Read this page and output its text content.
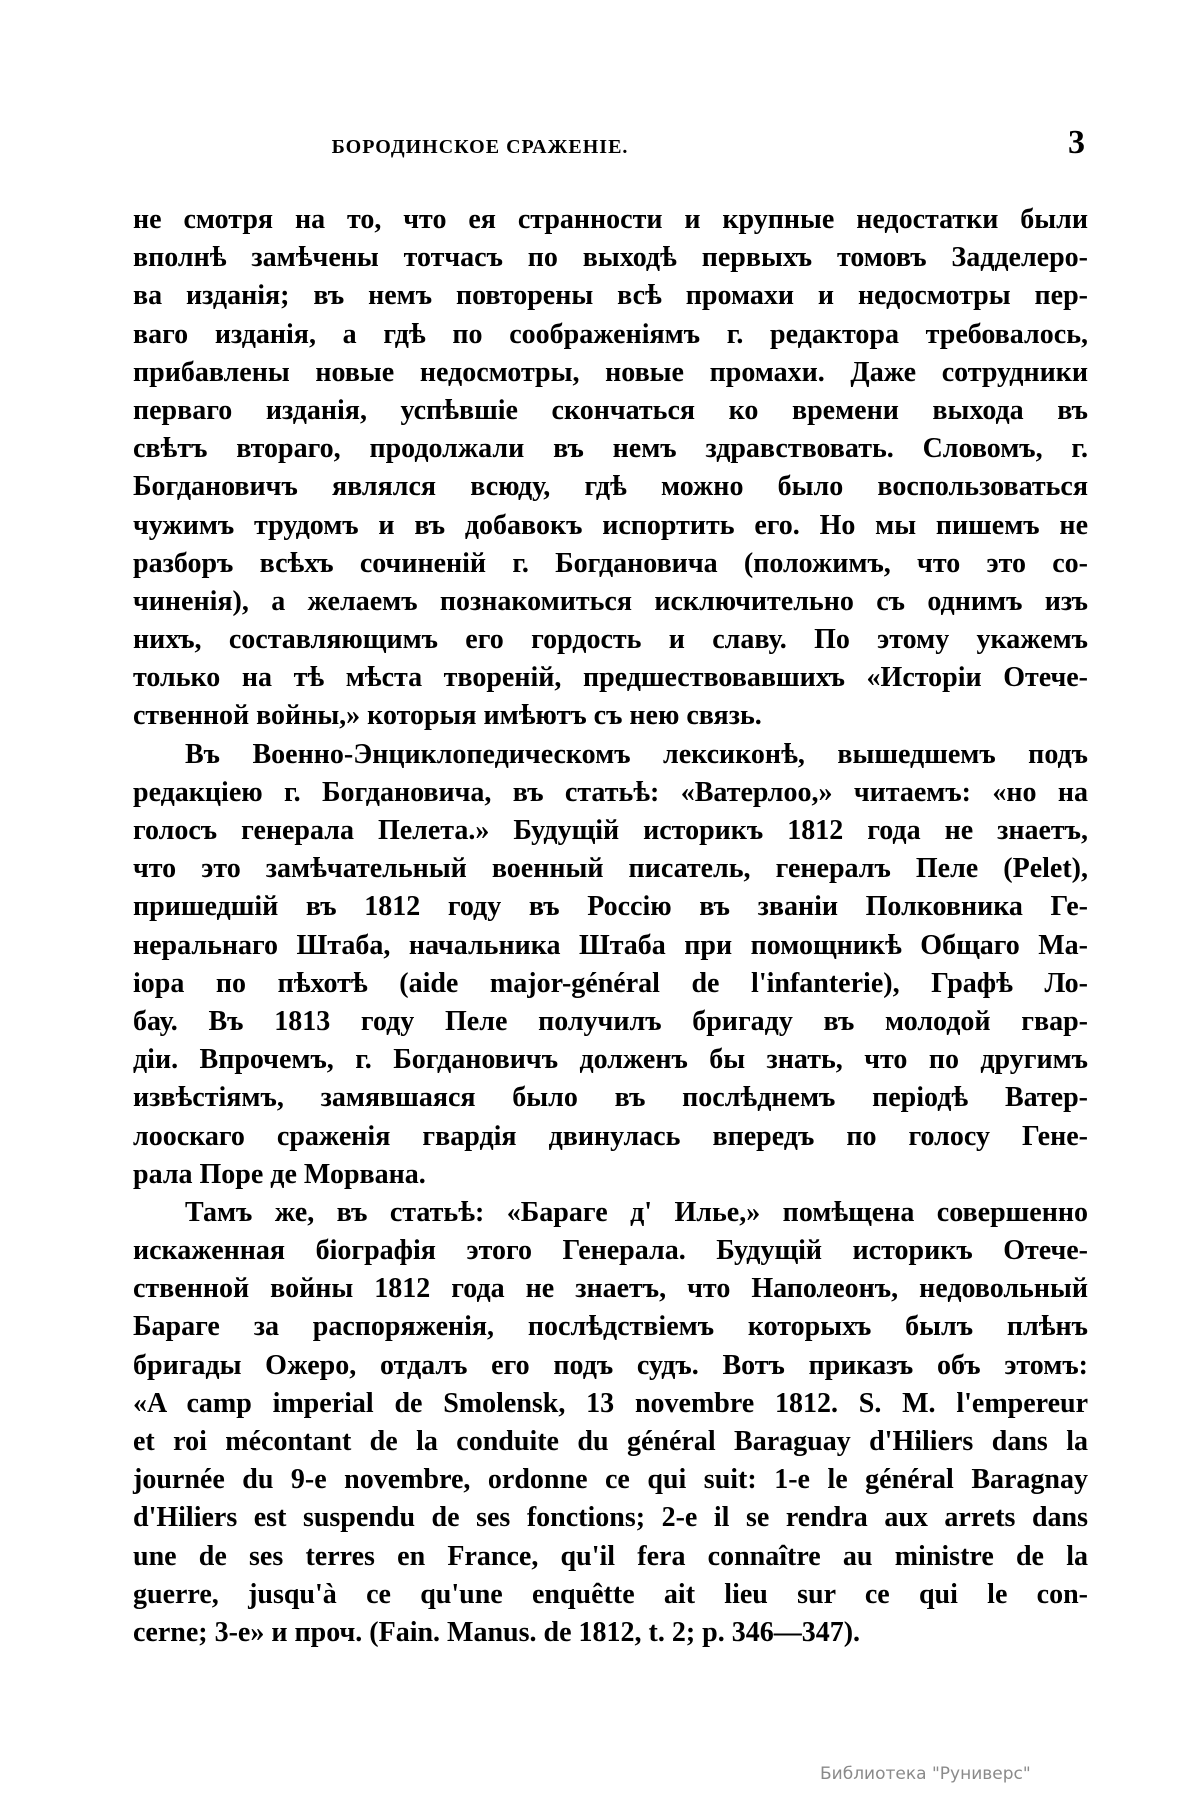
БОРОДИНСКОЕ СРАЖЕНІЕ.	3
не смотря на то, что ея странности и крупные недостатки были
вполнѣ замѣчены тотчасъ по выходѣ первыхъ томовъ Задделеро-
ва изданія; въ немъ повторены всѣ промахи и недосмотры пер-
ваго изданія, а гдѣ по соображеніямъ г. редактора требовалось,
прибавлены новые недосмотры, новые промахи. Даже сотрудники
перваго изданія, успѣвшіе скончаться ко времени выхода въ
свѣтъ втораго, продолжали въ немъ здравствовать. Словомъ, г.
Богдановичъ являлся всюду, гдѣ можно было воспользоваться
чужимъ трудомъ и въ добавокъ испортить его. Но мы пишемъ не
разборъ всѣхъ сочиненій г. Богдановича (положимъ, что это со-
чиненія), а желаемъ познакомиться исключительно съ однимъ изъ
нихъ, составляющимъ его гордость и славу. По этому укажемъ
только на тѣ мѣста твореній, предшествовавшихъ «Исторіи Отече-
ственной войны,» которыя имѣютъ съ нею связь.
Въ Военно-Энциклопедическомъ лексиконѣ, вышедшемъ подъ
редакціею г. Богдановича, въ статьѣ: «Ватерлоо,» читаемъ: «но на
голосъ генерала Пелета.» Будущій историкъ 1812 года не знаетъ,
что это замѣчательный военный писатель, генералъ Пеле (Pelet),
пришедшій въ 1812 году въ Россію въ званіи Полковника Ге-
неральнаго Штаба, начальника Штаба при помощникѣ Общаго Ма-
іора по пѣхотѣ (aide major-général de l'infanterie), Графѣ Ло-
бау. Въ 1813 году Пеле получилъ бригаду въ молодой гвар-
діи. Впрочемъ, г. Богдановичъ долженъ бы знать, что по другимъ
извѣстіямъ, замявшаяся было въ послѣднемъ періодѣ Ватер-
лооскаго сраженія гвардія двинулась впередъ по голосу Гене-
рала Поре де Морвана.
Тамъ же, въ статьѣ: «Бараге д' Илье,» помѣщена совершенно
искаженная біографія этого Генерала. Будущій историкъ Отече-
ственной войны 1812 года не знаетъ, что Наполеонъ, недовольный
Бараге за распоряженія, послѣдствіемъ которыхъ былъ плѣнъ
бригады Ожеро, отдалъ его подъ судъ. Вотъ приказъ объ этомъ:
«A camp imperial de Smolensk, 13 novembre 1812. S. M. l'empereur
et roi mécontant de la conduite du général Baraguay d'Hiliers dans la
journée du 9-e novembre, ordonne ce qui suit: 1-e le général Baragnay
d'Hiliers est suspendu de ses fonctions; 2-e il se rendra aux arrets dans
une de ses terres en France, qu'il fera connaître au ministre de la
guerre, jusqu'à ce qu'une enquêtte ait lieu sur ce qui le con-
cerne; 3-e» и проч. (Fain. Manus. de 1812, t. 2; p. 346—347).
Библиотека "Руниверс"
